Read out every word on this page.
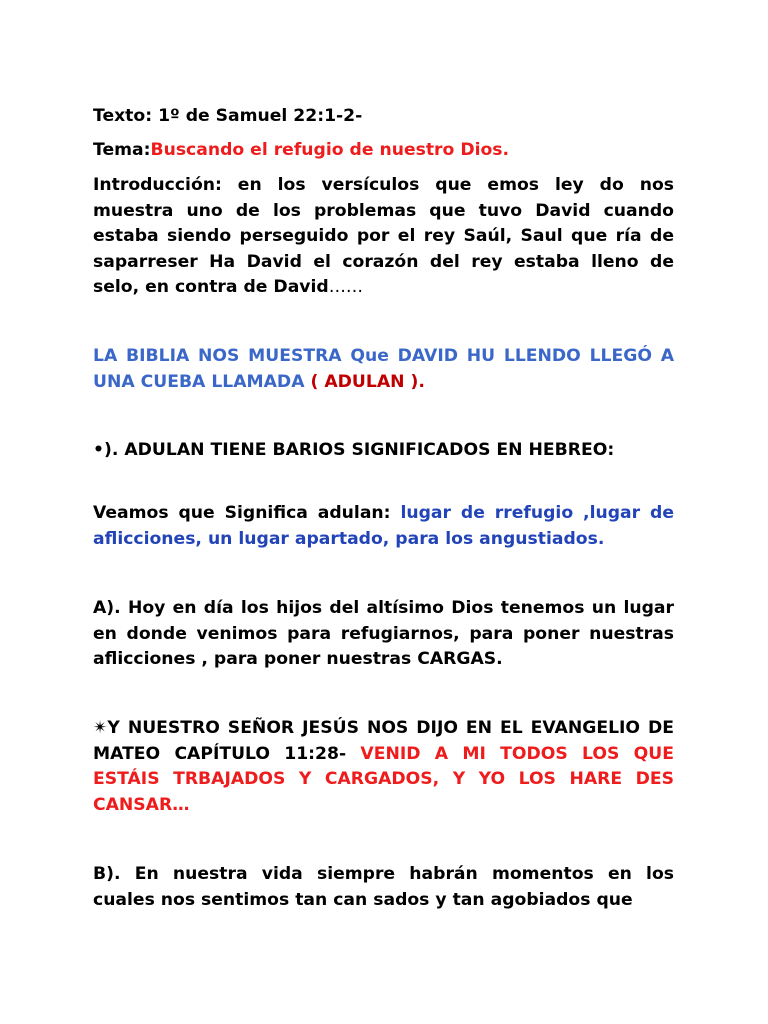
Texto: 1º de Samuel 22:1-2-

Tema:Buscando el refugio de nuestro Dios.

Introducción: en los versículos que emos ley do nos muestra uno de los problemas que tuvo David cuando estaba siendo perseguido por el rey Saúl, Saul que ría de saparreser Ha David el corazón del rey estaba lleno de selo, en contra de David……

LA BIBLIA NOS MUESTRA Que DAVID HU LLENDO LLEGÓ A UNA CUEBA LLAMADA ( ADULAN ).

•). ADULAN TIENE BARIOS SIGNIFICADOS EN HEBREO:

Veamos que Significa adulan: lugar de rrefugio ,lugar de aflicciones, un lugar apartado, para los angustiados.

A). Hoy en día los hijos del altísimo Dios tenemos un lugar en donde venimos para refugiarnos, para poner nuestras aflicciones , para poner nuestras CARGAS.

✴Y NUESTRO SEÑOR JESÚS NOS DIJO EN EL EVANGELIO DE MATEO CAPÍTULO 11:28- VENID A MI TODOS LOS QUE ESTÁIS TRBAJADOS Y CARGADOS, Y YO LOS HARE DES CANSAR…

B). En nuestra vida siempre habrán momentos en los cuales nos sentimos tan can sados y tan agobiados que
